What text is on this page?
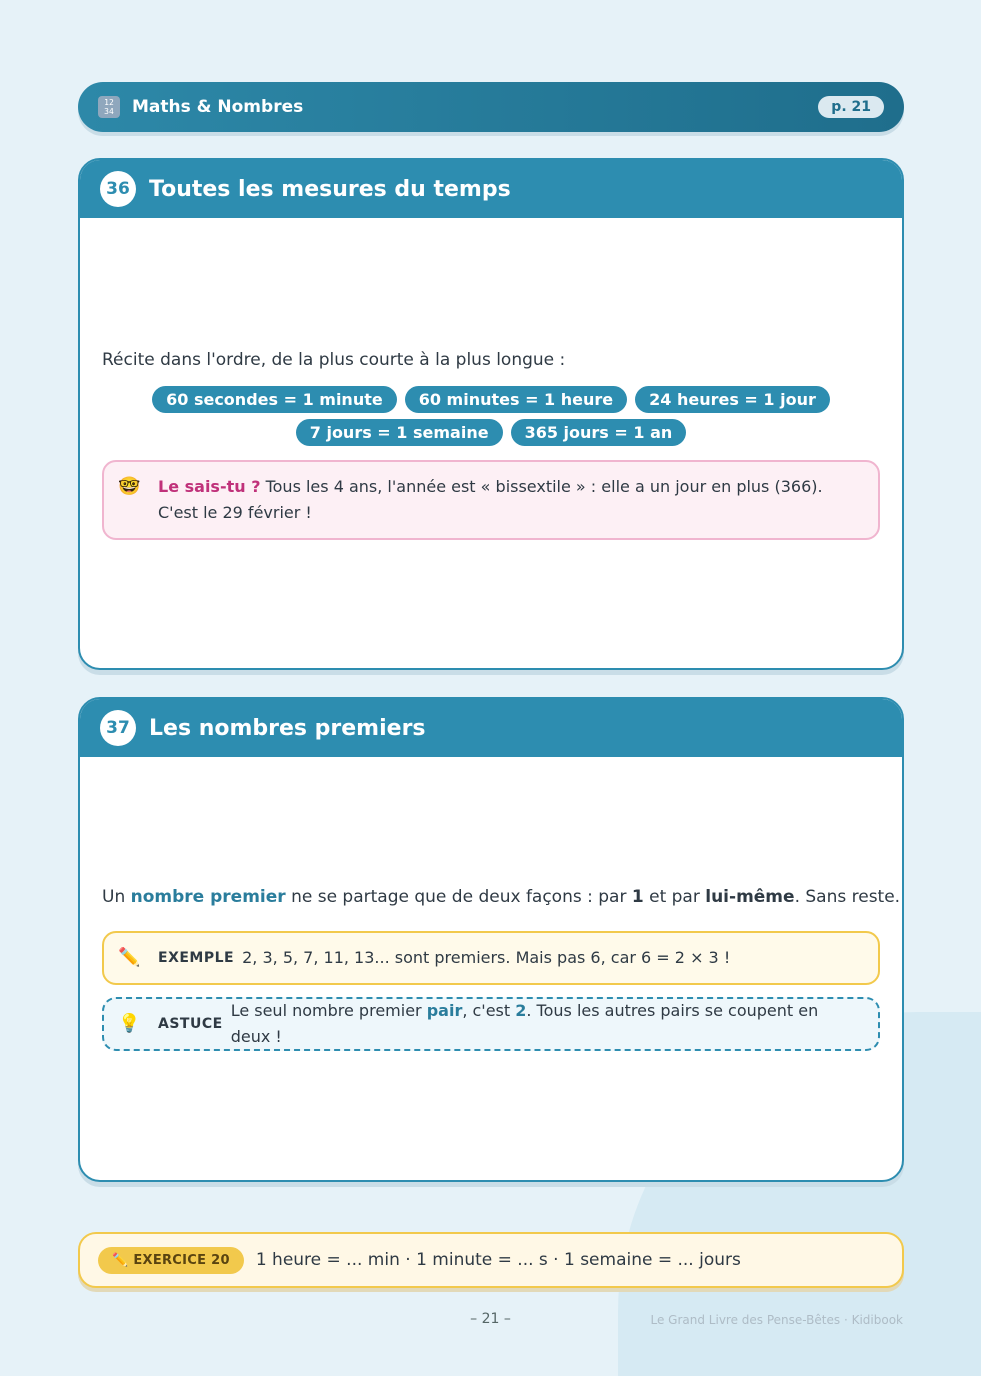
12
34	Maths & Nombres	p. 21
36 Toutes les mesures du temps
Récite dans l'ordre, de la plus courte à la plus longue :
60 secondes = 1 minute	60 minutes = 1 heure	24 heures = 1 jour
7 jours = 1 semaine	365 jours = 1 an
🤓 Le sais-tu ? Tous les 4 ans, l'année est « bissextile » : elle a un jour en plus (366). C'est le 29 février !
37 Les nombres premiers
Un nombre premier ne se partage que de deux façons : par 1 et par lui-même. Sans reste.
✏️ EXEMPLE 2, 3, 5, 7, 11, 13... sont premiers. Mais pas 6, car 6 = 2 × 3 !
💡 ASTUCE
Le seul nombre premier pair, c'est 2. Tous les autres pairs se coupent en deux !
✏️ EXERCICE 20	1 heure = ... min · 1 minute = ... s · 1 semaine = ... jours
– 21 –	Le Grand Livre des Pense-Bêtes · Kidibook
